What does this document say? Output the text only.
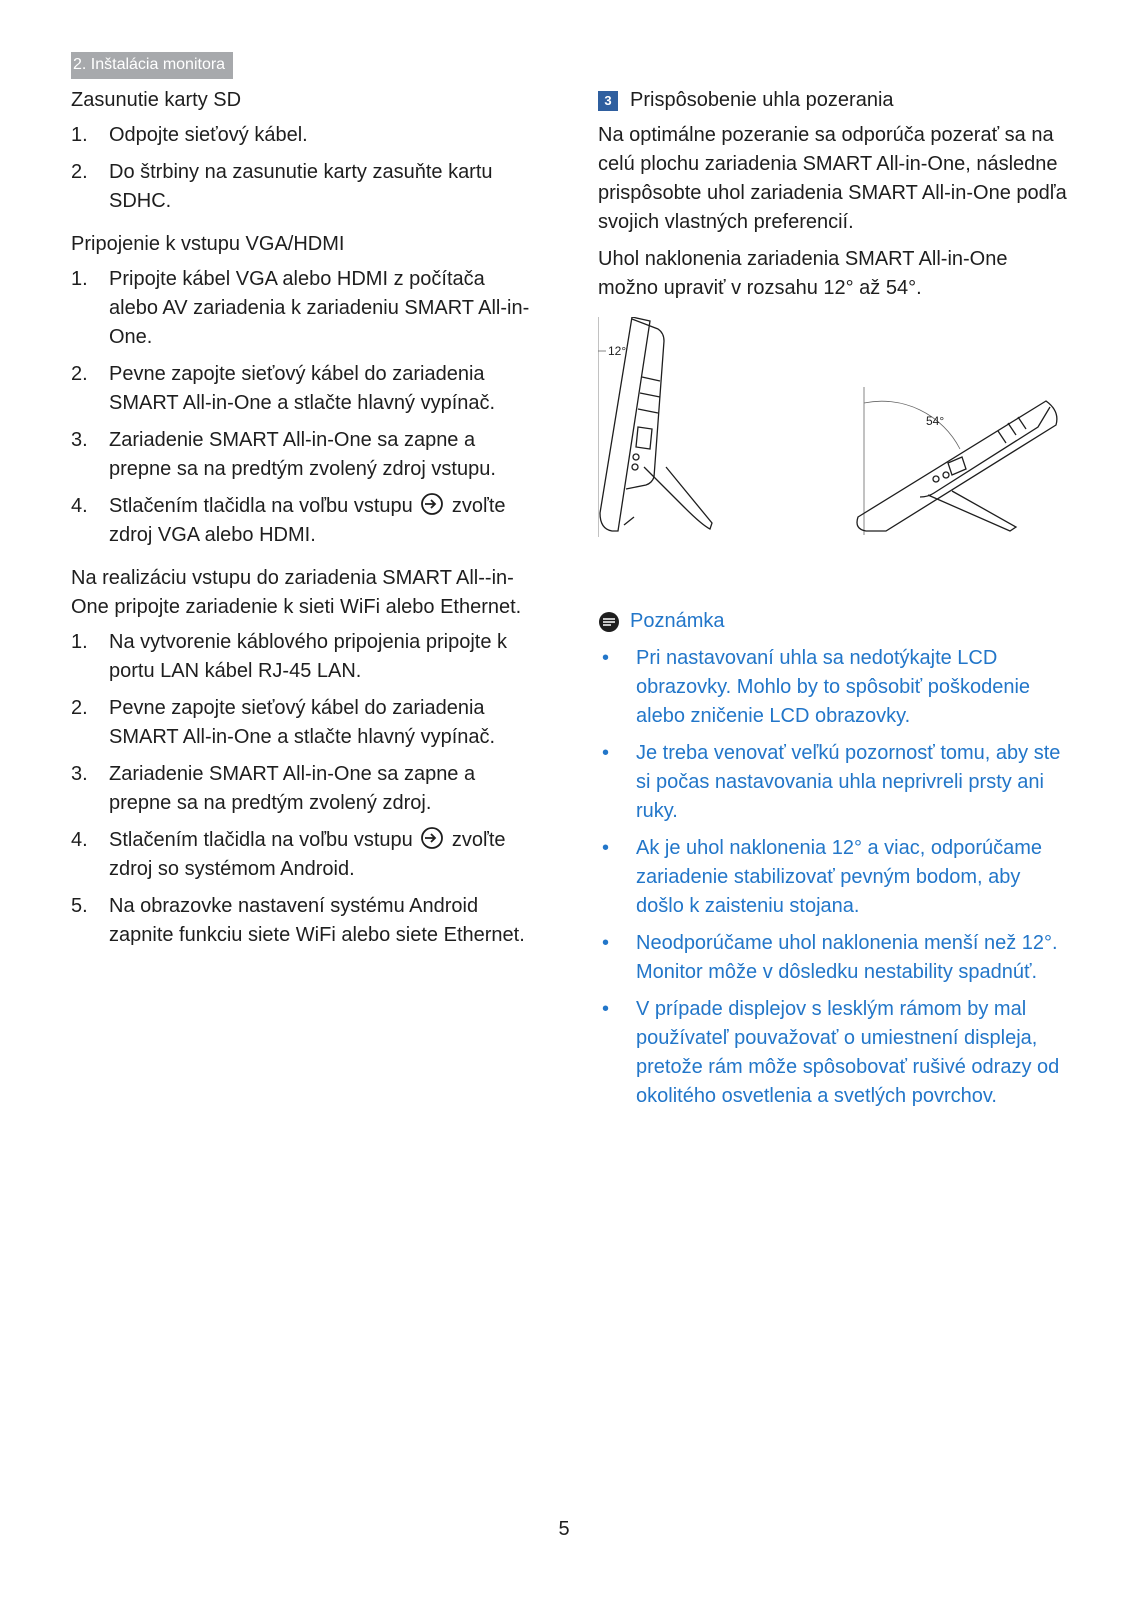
2. Inštalácia monitora
Zasunutie karty SD
1. Odpojte sieťový kábel.
2. Do štrbiny na zasunutie karty zasuňte kartu SDHC.
Pripojenie k vstupu VGA/HDMI
1. Pripojte kábel VGA alebo HDMI z počítača alebo AV zariadenia k zariadeniu SMART All-in-One.
2. Pevne zapojte sieťový kábel do zariadenia SMART All-in-One a stlačte hlavný vypínač.
3. Zariadenie SMART All-in-One sa zapne a prepne sa na predtým zvolený zdroj vstupu.
4. Stlačením tlačidla na voľbu vstupu zvoľte zdroj VGA alebo HDMI.
Na realizáciu vstupu do zariadenia SMART All--in-One pripojte zariadenie k sieti WiFi alebo Ethernet.
1. Na vytvorenie káblového pripojenia pripojte k portu LAN kábel RJ-45 LAN.
2. Pevne zapojte sieťový kábel do zariadenia SMART All-in-One a stlačte hlavný vypínač.
3. Zariadenie SMART All-in-One sa zapne a prepne sa na predtým zvolený zdroj.
4. Stlačením tlačidla na voľbu vstupu zvoľte zdroj so systémom Android.
5. Na obrazovke nastavení systému Android zapnite funkciu siete WiFi alebo siete Ethernet.
3 Prispôsobenie uhla pozerania

Na optimálne pozeranie sa odporúča pozerať sa na celú plochu zariadenia SMART All-in-One, následne prispôsobte uhol zariadenia SMART All-in-One podľa svojich vlastných preferencií.

Uhol naklonenia zariadenia SMART All-in-One možno upraviť v rozsahu 12° až 54°.

12°
54°
Poznámka
• Pri nastavovaní uhla sa nedotýkajte LCD obrazovky. Mohlo by to spôsobiť poškodenie alebo zničenie LCD obrazovky.
• Je treba venovať veľkú pozornosť tomu, aby ste si počas nastavovania uhla neprivreli prsty ani ruky.
• Ak je uhol naklonenia 12° a viac, odporúčame zariadenie stabilizovať pevným bodom, aby došlo k zaisteniu stojana.
• Neodporúčame uhol naklonenia menší než 12°. Monitor môže v dôsledku nestability spadnúť.
• V prípade displejov s lesklým rámom by mal používateľ pouvažovať o umiestnení displeja, pretože rám môže spôsobovať rušivé odrazy od okolitého osvetlenia a svetlých povrchov.
5
